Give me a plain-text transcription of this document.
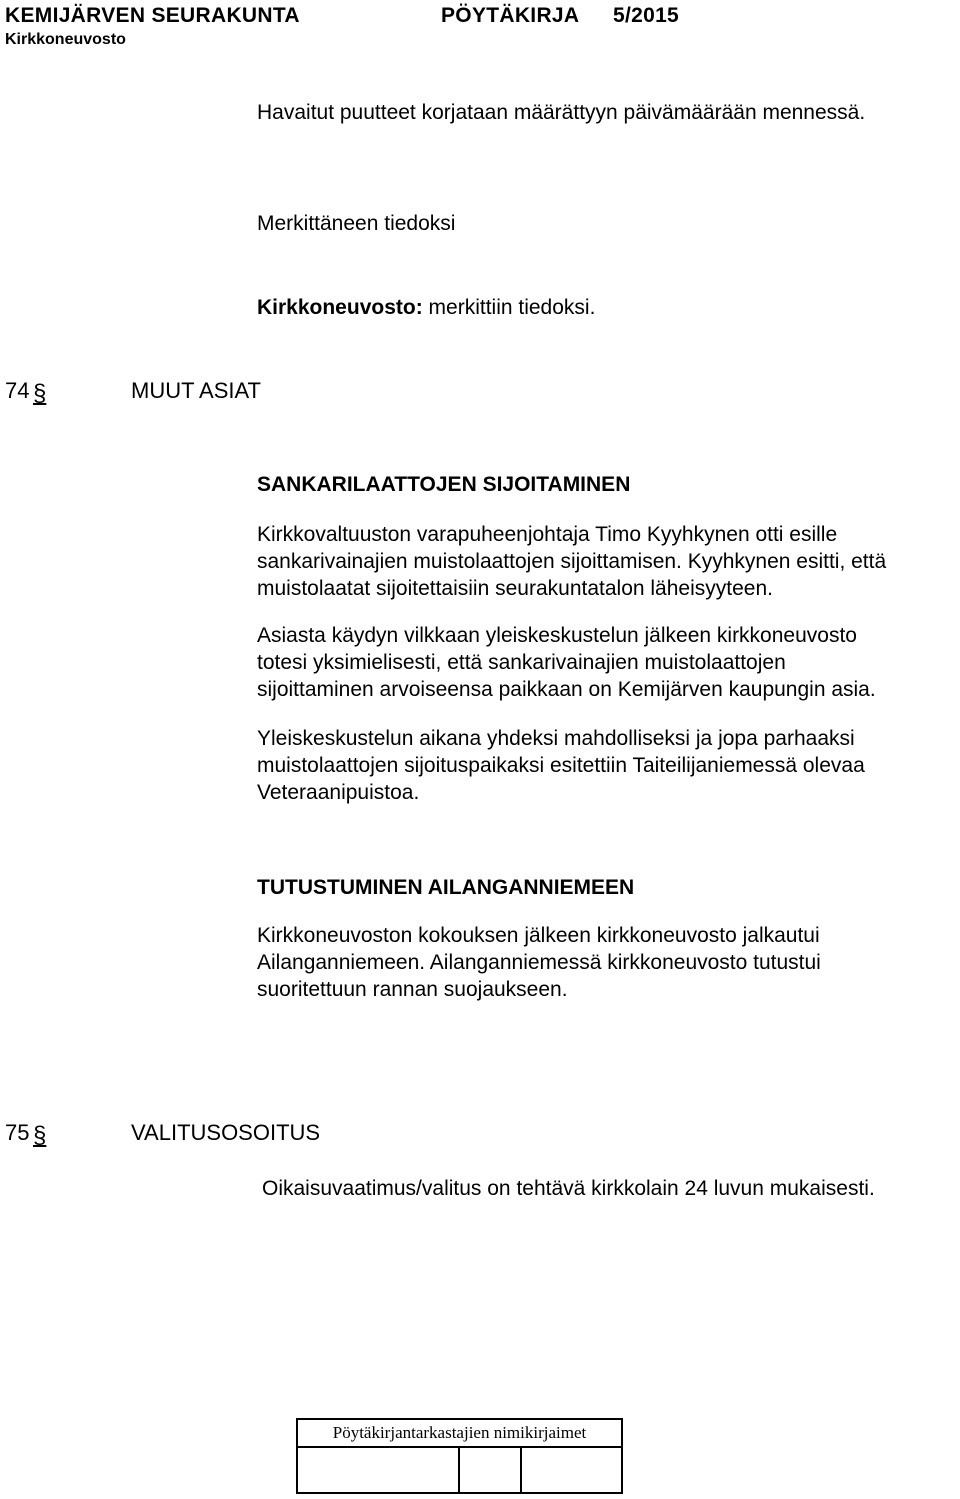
KEMIJÄRVEN SEURAKUNTA	PÖYTÄKIRJA 5/2015
Kirkkoneuvosto
Havaitut puutteet korjataan määrättyyn päivämäärään mennessä.
Merkittäneen tiedoksi
Kirkkoneuvosto: merkittiin tiedoksi.
74 §	MUUT ASIAT
SANKARILAATTOJEN SIJOITAMINEN
Kirkkovaltuuston varapuheenjohtaja Timo Kyyhkynen otti esille
sankarivainajien muistolaattojen sijoittamisen. Kyyhkynen esitti, että
muistolaatat sijoitettaisiin seurakuntatalon läheisyyteen.
Asiasta käydyn vilkkaan yleiskeskustelun jälkeen kirkkoneuvosto
totesi yksimielisesti, että sankarivainajien muistolaattojen
sijoittaminen arvoiseensa paikkaan on Kemijärven kaupungin asia.
Yleiskeskustelun aikana yhdeksi mahdolliseksi ja jopa parhaaksi
muistolaattojen sijoituspaikaksi esitettiin Taiteilijaniemessä olevaa
Veteraanipuistoa.
TUTUSTUMINEN AILANGANNIEMEEN
Kirkkoneuvoston kokouksen jälkeen kirkkoneuvosto jalkautui
Ailanganniemeen. Ailanganniemessä kirkkoneuvosto tutustui
suoritettuun rannan suojaukseen.
75 §	VALITUSOSOITUS
Oikaisuvaatimus/valitus on tehtävä kirkkolain 24 luvun mukaisesti.
Pöytäkirjantarkastajien nimikirjaimet
